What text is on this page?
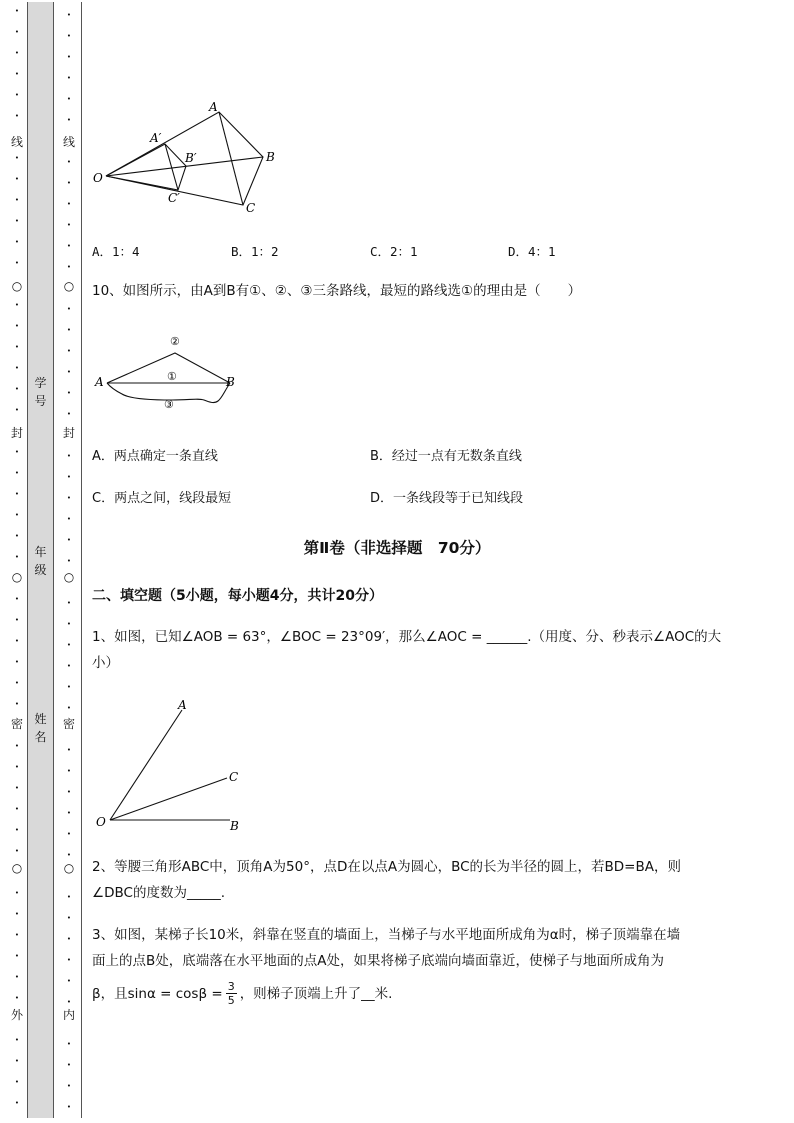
•
•
•
•
•
•
•
•
•
•
•
•
•
•
•
•
•
•
•
•
•
•
•
•
•
•
•
•
•
•
•
•
•
•
•
•
•
•
•
•
•
•
•
•
•
•
线
○
封
○
密
○
外
•
•
•
•
•
•
•
•
•
•
•
•
•
•
•
•
•
•
•
•
•
•
•
•
•
•
•
•
•
•
•
•
•
•
•
•
•
•
•
•
•
•
•
•
•
•
线
○
封
○
密
○
内
学
号
年
级
姓
名
O
A
B
C
A′
B′
C′
A．1：4	B．1：2	C．2：1	D．4：1
10、如图所示，由A到B有①、②、③三条路线，最短的路线选①的理由是（　　）
A	B
②
①
③
A．两点确定一条直线	B．经过一点有无数条直线
C．两点之间，线段最短	D．一条线段等于已知线段
第Ⅱ卷（非选择题　70分）
二、填空题（5小题，每小题4分，共计20分）
1、如图，已知∠AOB = 63°，∠BOC = 23°09′，那么∠AOC = ______.（用度、分、秒表示∠AOC的大
小）
O
A
C
B
2、等腰三角形ABC中，顶角A为50°，点D在以点A为圆心，BC的长为半径的圆上，若BD=BA，则
∠DBC的度数为_____.
3、如图，某梯子长10米，斜靠在竖直的墙面上，当梯子与水平地面所成角为α时，梯子顶端靠在墙
面上的点B处，底端落在水平地面的点A处，如果将梯子底端向墙面靠近，使梯子与地面所成角为
β，且$\sin\alpha = \cos\beta = \frac{3}{5}$ ，则梯子顶端上升了__米.
